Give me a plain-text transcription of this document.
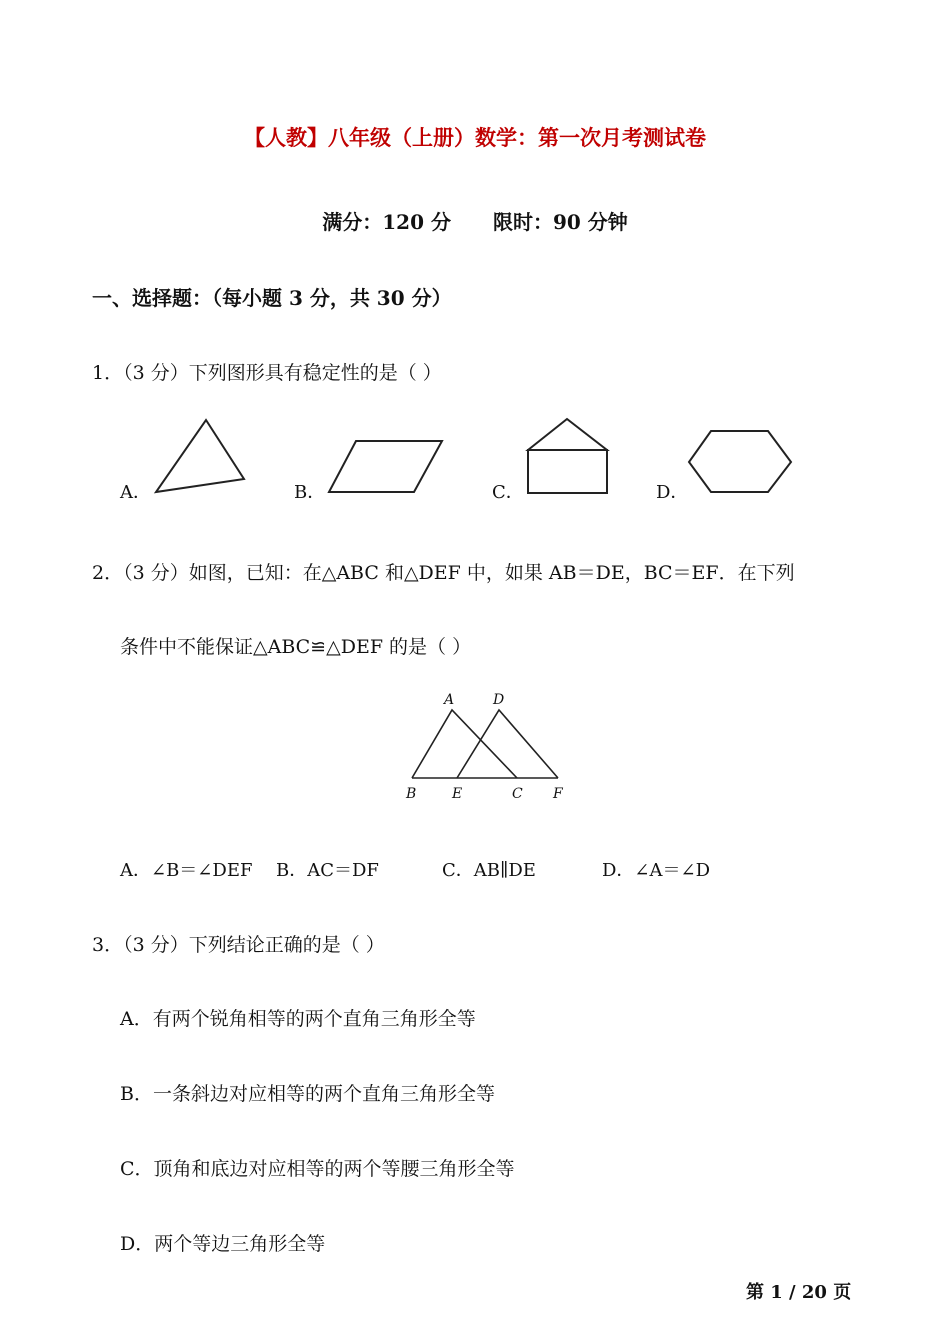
【人教】八年级（上册）数学：第一次月考测试卷
满分：120 分 限时：90 分钟
一、选择题：（每小题 3 分，共 30 分）
1．（3 分）下列图形具有稳定性的是（ ）
A．	B．	C．	D．
2．（3 分）如图，已知：在△ABC 和△DEF 中，如果 AB＝DE，BC＝EF．在下列
条件中不能保证△ABC≌△DEF 的是（ ）
A	D
B	E	C F
A．∠B＝∠DEF B．AC＝DF	C．AB∥DE	D．∠A＝∠D
3．（3 分）下列结论正确的是（ ）
A．有两个锐角相等的两个直角三角形全等
B．一条斜边对应相等的两个直角三角形全等
C．顶角和底边对应相等的两个等腰三角形全等
D．两个等边三角形全等
第 1 / 20 页
